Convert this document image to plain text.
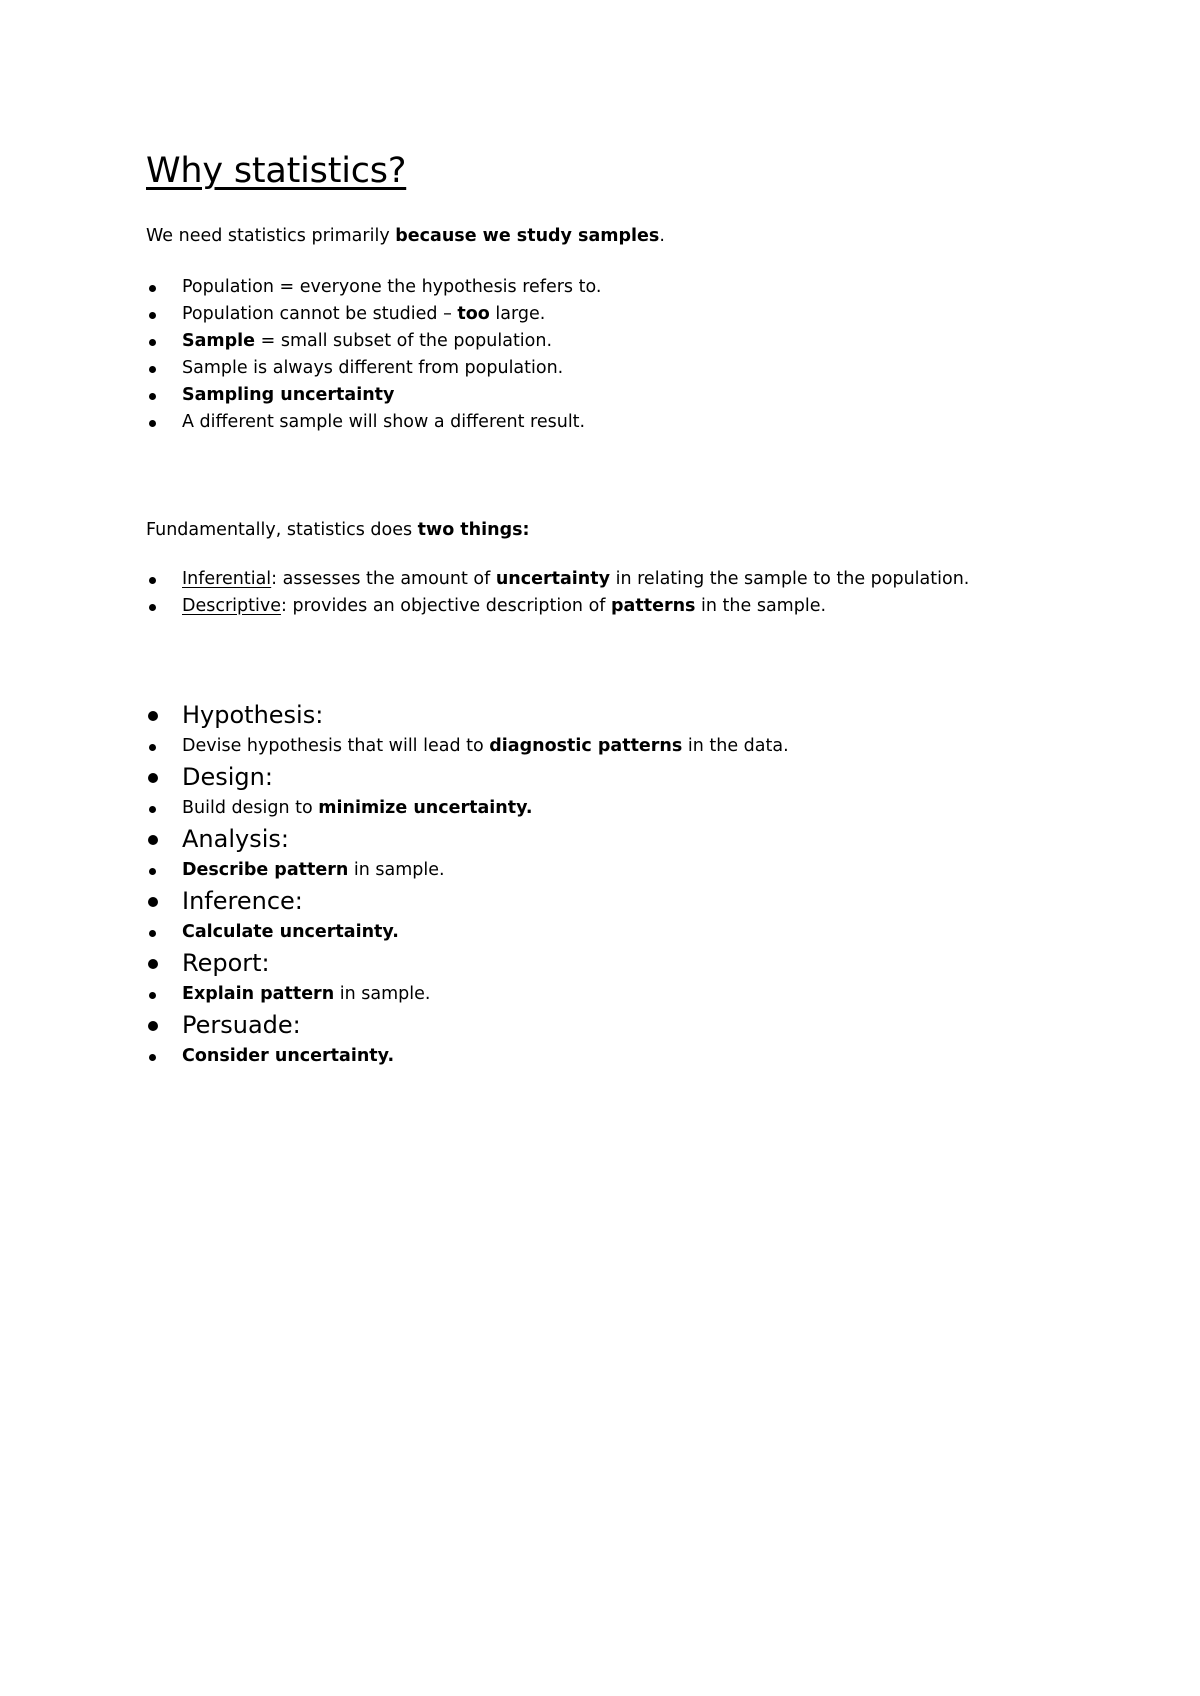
Why statistics?
We need statistics primarily because we study samples.
Population = everyone the hypothesis refers to.
Population cannot be studied – too large.
Sample = small subset of the population.
Sample is always different from population.
Sampling uncertainty
A different sample will show a different result.
Fundamentally, statistics does two things:
Inferential: assesses the amount of uncertainty in relating the sample to the population.
Descriptive: provides an objective description of patterns in the sample.
Hypothesis:
Devise hypothesis that will lead to diagnostic patterns in the data.
Design:
Build design to minimize uncertainty.
Analysis:
Describe pattern in sample.
Inference:
Calculate uncertainty.
Report:
Explain pattern in sample.
Persuade:
Consider uncertainty.
